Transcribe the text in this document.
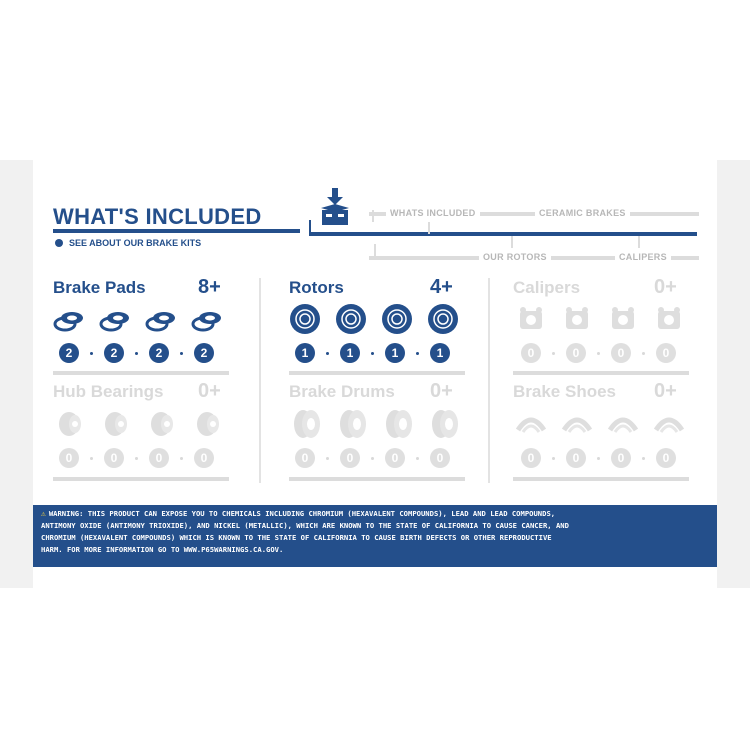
WHAT'S INCLUDED
SEE ABOUT OUR BRAKE KITS
WHATS INCLUDED	CERAMIC BRAKES
OUR ROTORS	CALIPERS
Brake Pads	8+
2	2	2	2
Rotors	4+
1	1	1	1
Calipers	0+
0	0	0	0
Hub Bearings 0+
0	0	0	0
Brake Drums 0+
0	0	0	0
Brake Shoes 0+
0	0	0	0
⚠ WARNING: THIS PRODUCT CAN EXPOSE YOU TO CHEMICALS INCLUDING CHROMIUM (HEXAVALENT COMPOUNDS), LEAD AND LEAD COMPOUNDS,
ANTIMONY OXIDE (ANTIMONY TRIOXIDE), AND NICKEL (METALLIC), WHICH ARE KNOWN TO THE STATE OF CALIFORNIA TO CAUSE CANCER, AND
CHROMIUM (HEXAVALENT COMPOUNDS) WHICH IS KNOWN TO THE STATE OF CALIFORNIA TO CAUSE BIRTH DEFECTS OR OTHER REPRODUCTIVE
HARM. FOR MORE INFORMATION GO TO WWW.P65WARNINGS.CA.GOV.
